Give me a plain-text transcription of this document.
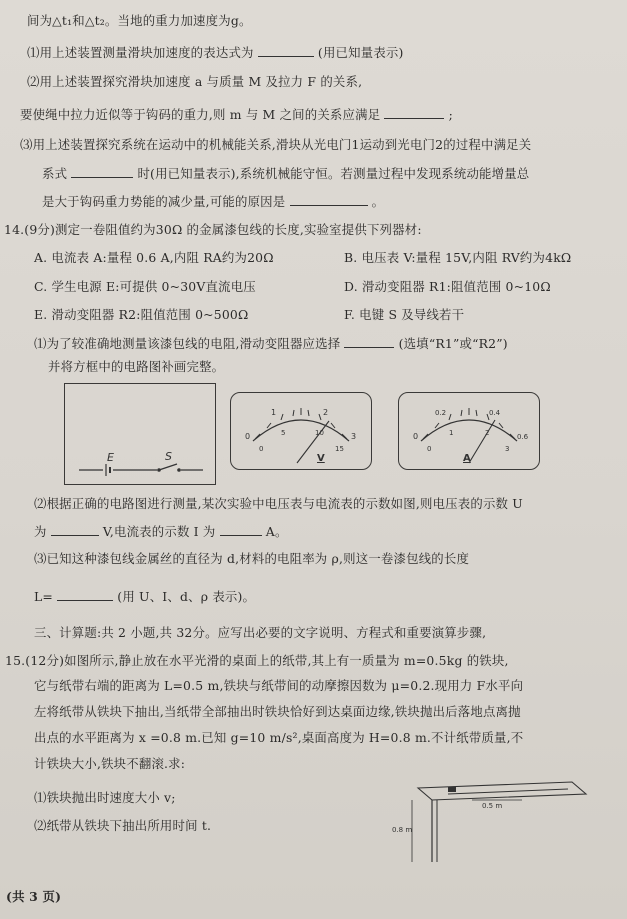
间为△t₁和△t₂。当地的重力加速度为g。
⑴用上述装置测量滑块加速度的表达式为	(用已知量表示)
⑵用上述装置探究滑块加速度 a 与质量 M 及拉力 F 的关系,
要使绳中拉力近似等于钩码的重力,则 m 与 M 之间的关系应满足	;
⑶用上述装置探究系统在运动中的机械能关系,滑块从光电门1运动到光电门2的过程中满足关
系式	时(用已知量表示),系统机械能守恒。若测量过程中发现系统动能增量总
是大于钩码重力势能的减少量,可能的原因是	。
14.(9分)测定一卷阻值约为30Ω 的金属漆包线的长度,实验室提供下列器材:
A. 电流表 A:量程 0.6 A,内阻 RA约为20Ω	B. 电压表 V:量程 15V,内阻 RV约为4kΩ
C. 学生电源 E:可提供 0~30V直流电压	D. 滑动变阻器 R1:阻值范围 0~10Ω
E. 滑动变阻器 R2:阻值范围 0~500Ω	F. 电键 S 及导线若干
⑴为了较准确地测量该漆包线的电阻,滑动变阻器应选择	(选填“R1”或“R2”)
并将方框中的电路图补画完整。
E	S
0
1	2
3
0
5	10
15
V
0
0.2	0.4
0.6
0
1	2
3
A
⑵根据正确的电路图进行测量,某次实验中电压表与电流表的示数如图,则电压表的示数 U
为	V,电流表的示数 I 为	A。
⑶已知这种漆包线金属丝的直径为 d,材料的电阻率为 ρ,则这一卷漆包线的长度
L=	(用 U、I、d、ρ 表示)。
三、计算题:共 2 小题,共 32分。应写出必要的文字说明、方程式和重要演算步骤,
15.(12分)如图所示,静止放在水平光滑的桌面上的纸带,其上有一质量为 m=0.5kg 的铁块,
它与纸带右端的距离为 L=0.5 m,铁块与纸带间的动摩擦因数为 μ=0.2.现用力 F水平向
左将纸带从铁块下抽出,当纸带全部抽出时铁块恰好到达桌面边缘,铁块抛出后落地点离抛
出点的水平距离为 x =0.8 m.已知 g=10 m/s²,桌面高度为 H=0.8 m.不计纸带质量,不
计铁块大小,铁块不翻滚.求:
⑴铁块抛出时速度大小 v;
⑵纸带从铁块下抽出所用时间 t.
0.5 m
0.8 m
(共 3 页)
